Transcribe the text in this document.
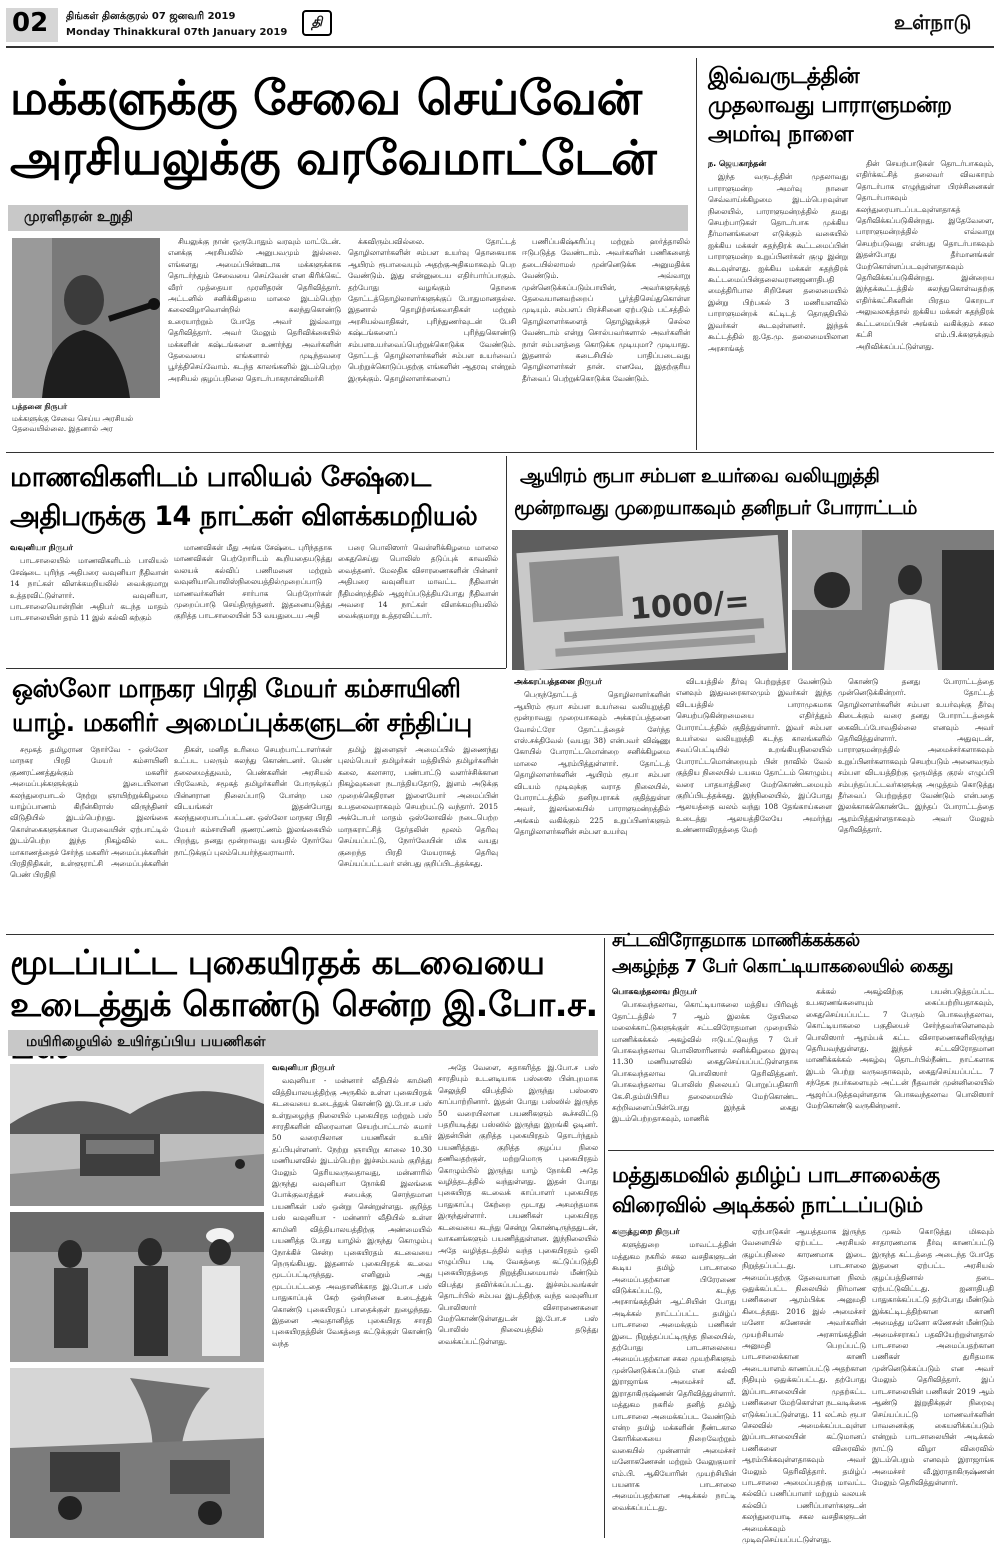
02 திங்கள் தினக்குரல் 07 ஜனவரி 2019
Monday Thinakkural 07th January 2019
தி	உள்நாடு
மக்களுக்கு சேவை செய்வேன்
அரசியலுக்கு வரவேமாட்டேன்
முரளிதரன் உறுதி
பத்தனை நிருபர்
மக்களுக்கு சேவை செய்ய அரசியல் தேவையில்லை. இதனால் அர

சியலுக்கு நான் ஒருபோதும் வரவும் மாட்டேன். எனக்கு அரசியலில் அனுபவமும் இல்லை. எங்களது அமைப்பின்ஊடாக மக்களுக்காக தொடர்ந்தும் சேவையை செய்வேன் என கிரிக்கெட் வீரர் முத்தையா முரளிதரன் தெரிவித்தார். அட்டனில் சனிக்கிழமை மாலை இடம்பெற்ற கலைவிழாவொன்றில் கலந்துகொண்டு உரையாற்றும் போதே அவர் இவ்வாறு தெரிவித்தார். அவர் மேலும் தெரிவிக்கையில் மக்களின் கஷ்டங்களை உணர்ந்து அவர்களின் தேவையை எங்களால் முடிந்தவரை பூர்த்திசெய்வோம். கடந்த காலங்களில் இடம்பெற்ற அரசியல் குழப்பநிலை தொடர்பாகநான்விமர்சி

க்கவிரும்பவில்லை. தோட்டத் தொழிலாளர்களின் சம்பள உயர்வு தொகையாக ஆயிரம் ரூபாவையும் அதற்குஅதிகமாகவும் பெற வேண்டும். இது என்னுடைய எதிர்பார்ப்பாகும். தற்போது வழங்கும் தொகை தோட்டத்தொழிலாளர்களுக்குப் போதுமானதல்ல. இதனால் தொழிற்சங்கவாதிகள் மற்றும் அரசியல்வாதிகள், புரிந்துணர்வுடன் பேசி கஷ்டங்களைப் புரிந்துகொண்டு சம்பளஉயர்வைப்பெற்றுக்கொடுக்க வேண்டும். தோட்டத் தொழிலாளர்களின் சம்பள உயர்வைப் பெற்றுக்கொடுப்பதற்கு எங்களின் ஆதரவு என்றும் இருக்கும். தொழிலாளர்களைப்

பணிப்பகிஷ்கரிப்பு மற்றும் ஹர்த்தாலில் ஈடுபடுத்த வேண்டாம். அவர்களின் பணிகளைத் தடையில்லாமல் முன்னெடுக்க அனுமதிக்க வேண்டும். அவ்வாறு முன்னெடுக்கப்படும்பாயின், அவர்களுக்குத் தேவையானவற்றைப் பூர்த்திசெய்துகொள்ள முடியும். சம்பளப் பிரச்சினை ஏற்படும் பட்சத்தில் தொழிலாளர்களைத் தொழிலுக்குச் செல்ல வேண்டாம் என்று சொல்பவர்களால் அவர்களின் நாள் சம்பளத்தை கொடுக்க முடியுமா? முடியாது. இதனால் கடைசியில் பாதிப்படைவது தொழிலாளர்கள் தான். எனவே, இதற்குரிய தீர்வைப் பெற்றுக்கொடுக்க வேண்டும்.

இவ்வருடத்தின்
முதலாவது பாராளுமன்ற
அமர்வு நாளை
ந. ஜெயகாந்தன்

இந்த வருடத்தின் முதலாவது பாராளுமன்ற அமர்வு நாளை செவ்வாய்க்கிழமை இடம்பெறவுள்ள நிலையில், பாராளுமன்றத்தில் தமது செயற்பாடுகள் தொடர்பாக முக்கிய தீர்மானங்களை எடுக்கும் வகையில் ஐக்கிய மக்கள் சுதந்திரக் கூட்டமைப்பின் பாராளுமன்ற உறுப்பினர்கள் குழு இன்று கூடவுள்ளது. ஐக்கிய மக்கள் சுதந்திரக் கூட்டமைப்பின்தலைவரானஜனாதிபதி மைத்திரிபால சிறிசேன தலைமையில் இன்று பிற்பகல் 3 மணியளவில் பாராளுமன்றக் கட்டிடத் தொகுதியில் இவர்கள் கூடவுள்ளனர். இந்தக் கூட்டத்தில் ஐ.தே.மு. தலைமையிலான அரசாங்கத்

தின் செயற்பாடுகள் தொடர்பாகவும், எதிர்க்கட்சித் தலைவர் விவகாரம் தொடர்பாக எழுந்துள்ள பிரச்சினைகள் தொடர்பாகவும் கலந்துரையாடப்படவுள்ளதாகத் தெரிவிக்கப்படுகின்றது. இதேவேளை, பாராளுமன்றத்தில் எவ்வாறு செயற்படுவது என்பது தொடர்பாகவும் இதன்போது தீர்மானங்கள் மேற்கொள்ளப்படவுள்ளதாகவும் தெரிவிக்கப்படுகின்றது. இன்றைய இந்தக்கூட்டத்தில் கலந்துகொள்வதற்கு எதிர்க்கட்சிகளின் பிரதம கொறடா அலுவலகத்தால் ஐக்கிய மக்கள் சுதந்திரக் கூட்டமைப்பின் அங்கம் வகிக்கும் சகல கட்சி எம்.பி.க்களுக்கும் அறிவிக்கப்பட்டுள்ளது.

மாணவிகளிடம் பாலியல் சேஷ்டை
அதிபருக்கு 14 நாட்கள் விளக்கமறியல்
வவுனியா நிருபர்

பாடசாலையில் மாணவிகளிடம் பாலியல் சேஷ்டை புரிந்த அதிபரை வவுனியா நீதிவான் 14 நாட்கள் விளக்கமறியலில் வைக்குமாறு உத்தரவிட்டுள்ளார். வவுனியா, பாடசாலையொன்றின் அதிபர் கடந்த மாதம் பாடசாலையின் தரம் 11 இல் கல்வி கற்கும்

மாணவிகள் மீது அங்க சேஷ்டை புரிந்ததாக மாணவிகள் பெற்றோரிடம் கூறியதையடுத்து வலயக் கல்விப் பணிமனை மற்றும் வவுனியாபொலிஸ்நிலையத்தில்முறைப்பாடு மாணவர்களின் சார்பாக பெற்றோர்கள் முறைப்பாடு செய்திருந்தனர். இதனையடுத்து குறித்த பாடசாலையின் 53 வயதுடைய அதி

பரை பொலிஸார் வெள்ளிக்கிழமை மாலை கைதுசெய்து பொலிஸ் தடுப்புக் காவலில் வைத்தனர். மேலதிக விசாரணைகளின் பின்னர் அதிபரை வவுனியா மாவட்ட நீதிவான் நீதிமன்றத்தில் ஆஜர்ப்படுத்தியபோது நீதிவான் அவரை 14 நாட்கள் விளக்கமறியலில் வைக்குமாறு உத்தரவிட்டார்.

ஆயிரம் ரூபா சம்பள உயர்வை வலியுறுத்தி
மூன்றாவது முறையாகவும் தனிநபர் போராட்டம்
1000/=
ஒஸ்லோ மாநகர பிரதி மேயர் கம்சாயினி
யாழ். மகளிர் அமைப்புக்களுடன் சந்திப்பு

சமூகத் தமிழரான நோர்வே - ஒஸ்லோ மாநகர பிரதி மேயர் கம்சாயினி குணரட்ணத்துக்கும் மகளிர் அமைப்புக்களுக்கும் இடையிலான கலந்துரையாடல் நேற்று ஞாயிற்றுக்கிழமை யாழ்ப்பாணம் கிறீன்கிராஸ் விருந்தினர் விடுதியில் இடம்பெற்றது. இலங்கை கொள்கைகளுக்கான பேரவையின் ஏற்பாட்டில் இடம்பெற்ற இந்த நிகழ்வில் வட மாகாணத்தைச் சேர்ந்த மகளிர் அமைப்புக்களின் பிரதிநிதிகள், உள்ளூராட்சி அமைப்புக்களின் பெண் பிரதிநி

திகள், மனித உரிமை செயற்பாட்டாளர்கள் உட்பட பலரும் கலந்து கொண்டனர். பெண் தலைமைத்துவம், பெண்களின் அரசியல் பிரவேசம், சமூகத் தமிழர்களின் போருக்குப் பின்னரான நிலைப்பாடு போன்ற பல விடயங்கள் இதன்போது கலந்துரையாடப்பட்டன. ஒஸ்லோ மாநகர பிரதி மேயர் கம்சாயினி குணரட்ணம் இலங்கையில் பிறந்து, தனது மூன்றாவது வயதில் நோர்வே நாட்டுக்குப் புலம்பெயர்ந்தவராவார்.

தமிழ் இளைஞர் அமைப்பில் இணைந்து புலம்பெயர் தமிழர்கள் மத்தியில் தமிழர்களின் கலை, கலாசார, பண்பாட்டு வளர்ச்சிக்கான நிகழ்வுகளை நடாத்தியதோடு, இளம் அடுக்கு முறைக்கெதிரான இளையோர் அமைப்பின் உபதலைவராகவும் செயற்பட்டு வந்தார். 2015 அக்டோபர் மாதம் ஒஸ்லோவில் நடைபெற்ற மாநகராட்சித் தேர்தலின் மூலம் தெரிவு செய்யப்பட்டு, நோர்வேயின் மிக வயது குறைந்த பிரதி மேயராகத் தெரிவு செய்யப்பட்டவர் என்பது குறிப்பிடத்தக்கது.

அக்கரப்பத்தனை நிருபர்

பெருந்தோட்டத் தொழிலாளர்களின் ஆயிரம் ரூபா சம்பள உயர்வை வலியுறுத்தி மூன்றாவது முறையாகவும் அக்கரப்பத்தனை வோல்ட்ரோ தோட்டத்தைச் சேர்ந்த எஸ்.சக்திவேல் (வயது 38) என்பவர் விஷ்ணு கோயில் போராட்டமொன்றை சனிக்கிழமை மாலை ஆரம்பித்துள்ளார். தோட்டத் தொழிலாளர்களின் ஆயிரம் ரூபா சம்பள விடயம் முடிவுக்கு வராத நிலையில், போராட்டத்தில் தனிநபராகக் குதித்துள்ள அவர், இலங்கையில் பாராளுமன்றத்தில் அங்கம் வகிக்கும் 225 உறுப்பினர்களும் தொழிலாளர்களின் சம்பள உயர்வு

விடயத்தில் தீர்வு பெற்றுத்தர வேண்டும் எனவும் இதுவரைகாலமும் இவர்கள் இந்த விடயத்தில் பாராமுகமாக செயற்படுகின்றமையை எதிர்த்தும் போராட்டத்தில் குதித்துள்ளார். இவர் சம்பள உயர்வை வலியுறுத்தி கடந்த காலங்களில் சவப்பெட்டியில் உறங்கியநிலையில் போராட்டமொன்றையும் பின் நாவில் வேல் குத்திய நிலையில் டயகம தோட்டம் கொழும்பு வரை பாதயாத்திரை மேற்கொண்டமையும் குறிப்பிடத்தக்கது. இந்நிலையில், இப்போது ஆலயத்தை வலம் வந்து 108 தேங்காய்களை உடைத்து ஆலயத்திலேயே அமர்ந்து உண்ணாவிரதத்தை மேற்

கொண்டு தனது போராட்டத்தை முன்னெடுக்கின்றார். தோட்டத் தொழிலாளர்களின் சம்பள உயர்வுக்கு தீர்வு கிடைக்கும் வரை தனது போராட்டத்தைக் கைவிடப்போவதில்லை எனவும் அவர் தெரிவித்துள்ளார். அதுவுடன், பாராளுமன்றத்தில் அமைச்சர்களாகவும் உறுப்பினர்களாகவும் செயற்படும் அனைவரும் சம்பள விடயத்திற்கு ஒருமித்த குரல் எழுப்பி சம்பந்தப்பட்டவர்களுக்கு அழுத்தம் கொடுத்து தீர்வைப் பெற்றுத்தர வேண்டும் என்பதை இலக்காகக்கொண்டே இந்தப் போராட்டத்தை ஆரம்பித்துள்ளதாகவும் அவர் மேலும் தெரிவித்தார்.

மூடப்பட்ட புகையிரதக் கடவையை
உடைத்துக் கொண்டு சென்ற இ.போ.ச.
மயிரிழையில் உயிர்தப்பிய பயணிகள்
வவுனியா நிருபர்

வவுனியா - மன்னார் வீதியில் காமினி வித்தியாலயத்திற்கு அருகில் உள்ள புகையிரதக் கடவையை உடைத்துக் கொண்டு இ.போ.ச பஸ் உள்நுழைந்த நிலையில் புகையிரத மற்றும் பஸ் சாரதிகளின் விரைவான செயற்பாட்டால் சுமார் 50 வரையிலான பயணிகள் உயிர் தப்பியுள்ளனர். நேற்று ஞாயிறு காலை 10.30 மணியளவில் இடம்பெற்ற இச்சம்பவம் குறித்து மேலும் தெரியவருவதாவது, மன்னாரில் இருந்து வவுனியா நோக்கி இலங்கை போக்குவரத்துச் சபைக்கு சொந்தமான பயணிகள் பஸ் ஒன்று சென்றுள்ளது. குறித்த பஸ் வவுனியா - மன்னார் வீதியில் உள்ள காமினி வித்தியாலயத்திற்கு அண்மையில் பயணித்த போது யாழில் இருந்து கொழும்பு நோக்கிச் சென்ற புகையிரதம் கடவையை நெருங்கியது. இதனால் புகையிரதக் கடவை மூடப்பட்டிருந்தது. எனினும் அது மூடப்பட்டதை அவதானிக்காத இ.போ.ச பஸ் பாதுகாப்புக் கேற் ஒன்றினை உடைத்துக் கொண்டு புகையிரதப் பாதைக்குள் நுழைந்தது. இதனை அவதானித்த புகையிரத சாரதி புகையிரதத்தின் வேகத்தை கட்டுக்குள் கொண்டு வந்த

அதே வேளை, சுதாகரித்த இ.போ.ச பஸ் சாரதியும் உடனடியாக பஸ்ஸை பின்புறமாக செலுத்தி விபத்தில் இருந்து பஸ்ஸை காப்பாற்றினார். இதன் போது பஸ்ஸில் இருந்த 50 வரையிலான பயணிகளும் கூச்சலிட்டு பதறியடித்து பஸ்ஸில் இருந்து இறங்கி ஓடினர். இதன்பின் குறித்த புகையிரதம் தொடர்ந்தும் பயணித்தது. குறித்த குழப்ப நிலை தணிவதற்குள், மற்றுமொரு புகையிரதம் கொழும்பில் இருந்து யாழ் நோக்கி அதே வழித்தடத்தில் வந்துள்ளது. இதன் போது புகையிரத கடவைக் காப்பாளர் புகையிரத பாதுகாப்பு கேற்றை மூடாது அசமந்தமாக இருந்துள்ளார். பயணிகள் புகையிரத கடவையை கடந்து சென்று கொண்டிருந்ததுடன், வாகனங்களும் பயணித்துள்ளன. இந்நிலையில் அதே வழித்தடத்தில் வந்த புகையிரதம் ஒலி எழுப்பிய படி வேகத்தை கட்டுப்படுத்தி புகையிரதத்தை நிறுத்தியமையால் மீண்டும் விபத்து தவிர்க்கப்பட்டது. இச்சம்பவங்கள் தொடர்பில் சம்பவ இடத்திற்கு வந்த வவுனியா பொலிஸார் விசாரணைகளை மேற்கொண்டுள்ளதுடன் இ.போ.ச பஸ் பொலிஸ் நிலையத்தில் தடுத்து வைக்கப்பட்டுள்ளது.

சட்டவிரோதமாக மாணிக்கக்கல்
அகழ்ந்த 7 பேர் கொட்டியாகலையில் கைது
பொகவந்தலாவ நிருபர்

பொகவந்தலாவ, கொட்டியாகலை மத்திய பிரிவுத் தோட்டத்தில் 7 ஆம் இலக்க தேயிலை மலைக்காட்டுகளுக்குள் சட்டவிரோதமான முறையில் மாணிக்கக்கல் அகழ்வில் ஈடுபட்டுவந்த 7 பேர் பொகவந்தலாவ பொலிஸாரினால் சனிக்கிழமை இரவு 11.30 மணியளவில் கைதுசெய்யப்பட்டுள்ளதாக பொகவந்தலாவ பொலிஸார் தெரிவித்தனர். பொகவந்தலாவ பொலிஸ் நிலையப் பொறுப்பதிகாரி கே.சி.தம்மிபிரிய தலைமையில் மேற்கொண்ட சுற்றிவளைப்பின்போது இந்தக் கைது இடம்பெற்றதாகவும், மாணிக்

கக்கல் அகழ்விற்கு பயன்படுத்தப்பட்ட உபகரணங்களையும் கைப்பற்றியதாகவும், கைதுசெய்யப்பட்ட 7 பேரும் பொகவந்தலாவ, கொட்டியாகலை பகுதியைச் சேர்ந்தவர்களெனவும் பொலிஸார் ஆரம்பக் கட்ட விசாரணைகளிலிருந்து தெரியவந்துள்ளது. இந்தச் சட்டவிரோதமான மாணிக்கக்கல் அகழ்வு தொடர்பில்நீண்ட நாட்களாக இடம் பெற்று வருவதாகவும், கைதுசெய்யப்பட்ட 7 சந்தேக நபர்களையும் அட்டன் நீதவான் முன்னிலையில் ஆஜர்ப்படுத்தவுள்ளதாக பொகவந்தலாவ பொலிஸார் மேற்கொண்டு வருகின்றனர்.

மத்துகமவில் தமிழ்ப் பாடசாலைக்கு
விரைவில் அடிக்கல் நாட்டப்படும்
களுத்துறை நிருபர்

களுத்துறை மாவட்டத்தின் மத்துகம நகரில் சகல வசதிகளுடன் கூடிய தமிழ் பாடசாலை அமைப்பதற்கான பிரேரணை விடுக்கப்பட்டு, கடந்த அரசாங்கத்தின் ஆட்சியின் போது அடிக்கல் நாட்டப்பட்ட தமிழ்ப் பாடசாலை அமைக்கும் பணிகள் இடை நிறுத்தப்பட்டிருந்த நிலையில், தற்போது பாடசாலையை அமைப்பதற்கான சகல முயற்சிகளும் முன்னெடுக்கப்படும் என கல்வி இராஜாங்க அமைச்சர் வீ. இராதாகிருஷ்ணன் தெரிவித்துள்ளார். மத்துகம நகரில் தனித் தமிழ் பாடசாலை அமைக்கப்பட வேண்டும் என்ற தமிழ் மக்களின் நீண்டகால கோரிக்கையை நிறைவேற்றும் வகையில் முன்னாள் அமைச்சர் மனோகணேசன் மற்றும் வேலுகுமார் எம்.பி. ஆகியோரின் முயற்சியின் பயனாக பாடசாலை அமைப்பதற்கான அடிக்கல் நாட்டி வைக்கப்பட்டது.

ஏற்பாடுகள் ஆயத்தமாக இருந்த வேளையில் ஏற்பட்ட அரசியல் குழப்பநிலை காரணமாக இடை நிறுத்தப்பட்டது. பாடசாலை அமைப்பதற்கு தேவையான நிலம் ஒதுக்கப்பட்ட நிலையில் நிர்மாண பணிகளை ஆரம்பிக்க அனுமதி கிடைத்தது. 2016 இல் அமைச்சர் மனோ கணேசன் அவர்களின் முயற்சியால் அரசாங்கத்தின் அனுமதி பெறப்பட்டு பாடசாலைக்கான காணி அடையாளம் காணப்பட்டு அதற்கான நிதியும் ஒதுக்கப்பட்டது. தற்போது இப்பாடசாலையின் முதற்கட்ட பணிகளை மேற்கொள்ள நடவடிக்கை எடுக்கப்பட்டுள்ளது. 11 லட்சம் ரூபா செலவில் அமைக்கப்படவுள்ள இப்பாடசாலையின் கட்டுமானப் பணிகளை விரைவில் ஆரம்பிக்கவுள்ளதாகவும் அவர் மேலும் தெரிவித்தார். தமிழ்ப் பாடசாலை அமைப்பதற்கு மாவட்ட கல்விப் பணிப்பாளர் மற்றும் வலயக் கல்விப் பணிப்பாளர்களுடன் கலந்துரையாடி சகல வசதிகளுடன் அமைக்கவும் முடிவுசெய்யப்பட்டுள்ளது.

முகம் கொடுத்து மிகவும் சாதாரணமாக தீர்வு காணப்பட்டு இருந்த கட்டத்தை அடைந்த போதே இதனை ஏற்பட்ட அரசியல் குழப்பத்தினால் தடை ஏற்பட்டுவிட்டது. ஐனாதிபதி பாதுகாக்கப்பட்டு தற்போது மீண்டும் இக்கட்டிடத்திற்கான காணி அமைத்து மனோ கணேசன் மீண்டும் அமைச்சராகப் பதவியேற்றுள்ளதால் பாடசாலை அமைப்பதற்கான பணிகள் துரிதமாக முன்னெடுக்கப்படும் என அவர் மேலும் தெரிவித்தார். இப் பாடசாலையின் பணிகள் 2019 ஆம் ஆண்டு இறுதிக்குள் நிறைவு செய்யப்பட்டு மாணவர்களின் பாவனைக்கு கையளிக்கப்படும் என்றும் பாடசாலையின் அடிக்கல் நாட்டு விழா விரைவில் இடம்பெறும் எனவும் இராஜாங்க அமைச்சர் வீ.இராதாகிருஷ்ணன் மேலும் தெரிவித்துள்ளார்.
